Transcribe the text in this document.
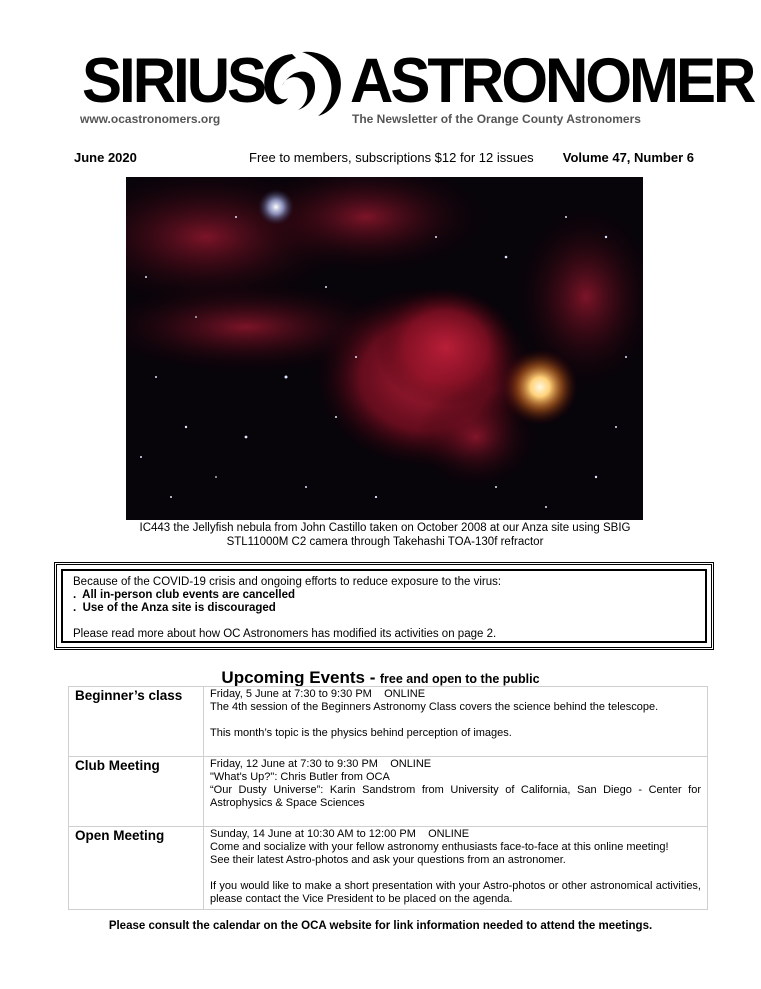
SIRIUS ASTRONOMER
www.ocastronomers.org	The Newsletter of the Orange County Astronomers
June 2020	Free to members, subscriptions $12 for 12 issues Volume 47, Number 6
IC443 the Jellyfish nebula from John Castillo taken on October 2008 at our Anza site using SBIG
STL11000M C2 camera through Takehashi TOA-130f refractor
Because of the COVID-19 crisis and ongoing efforts to reduce exposure to the virus:
. All in-person club events are cancelled
. Use of the Anza site is discouraged
Please read more about how OC Astronomers has modified its activities on page 2.
Upcoming Events - free and open to the public
Beginner’s class	Friday, 5 June at 7:30 to 9:30 PM ONLINE
The 4th session of the Beginners Astronomy Class covers the science behind the telescope.
This month’s topic is the physics behind perception of images.

Club Meeting	Friday, 12 June at 7:30 to 9:30 PM ONLINE
"What's Up?": Chris Butler from OCA
“Our Dusty Universe”: Karin Sandstrom from University of California, San Diego - Center for Astrophysics & Space Sciences

Open Meeting	Sunday, 14 June at 10:30 AM to 12:00 PM ONLINE
Come and socialize with your fellow astronomy enthusiasts face-to-face at this online meeting!
See their latest Astro-photos and ask your questions from an astronomer.
If you would like to make a short presentation with your Astro-photos or other astronomical activities, please contact the Vice President to be placed on the agenda.
Please consult the calendar on the OCA website for link information needed to attend the meetings.
